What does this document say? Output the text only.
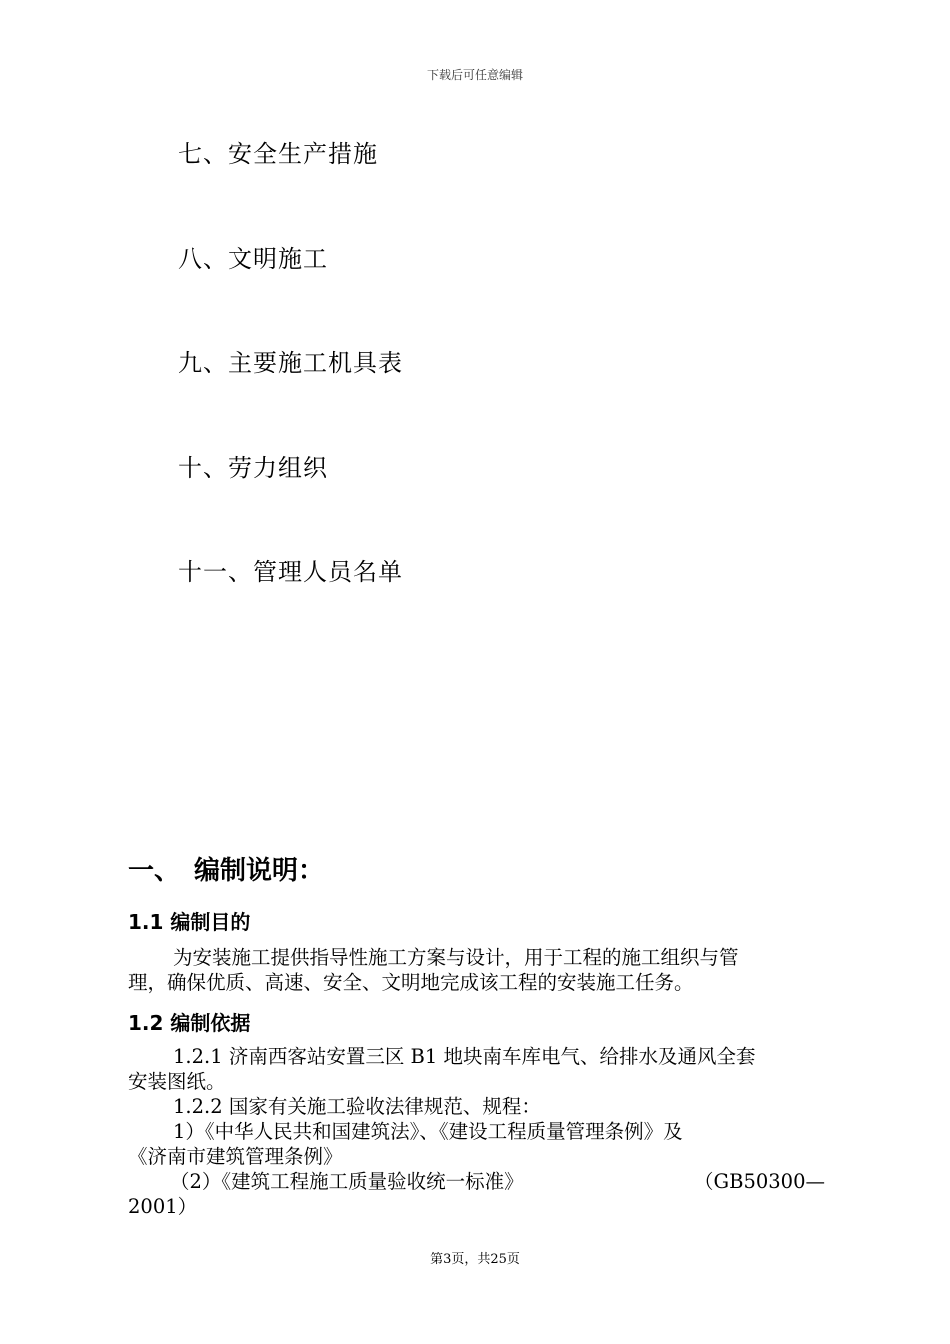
下载后可任意编辑
七、安全生产措施
八、文明施工
九、主要施工机具表
十、劳力组织
十一、管理人员名单
一、 编制说明：
1.1 编制目的
为安装施工提供指导性施工方案与设计，用于工程的施工组织与管
理，确保优质、高速、安全、文明地完成该工程的安装施工任务。
1.2 编制依据
1.2.1 济南西客站安置三区 B1 地块南车库电气、给排水及通风全套
安装图纸。
1.2.2 国家有关施工验收法律规范、规程：
1）《中华人民共和国建筑法》、《建设工程质量管理条例》及
《济南市建筑管理条例》
（2）《建筑工程施工质量验收统一标准》	（GB50300—
2001）
第3页，共25页
